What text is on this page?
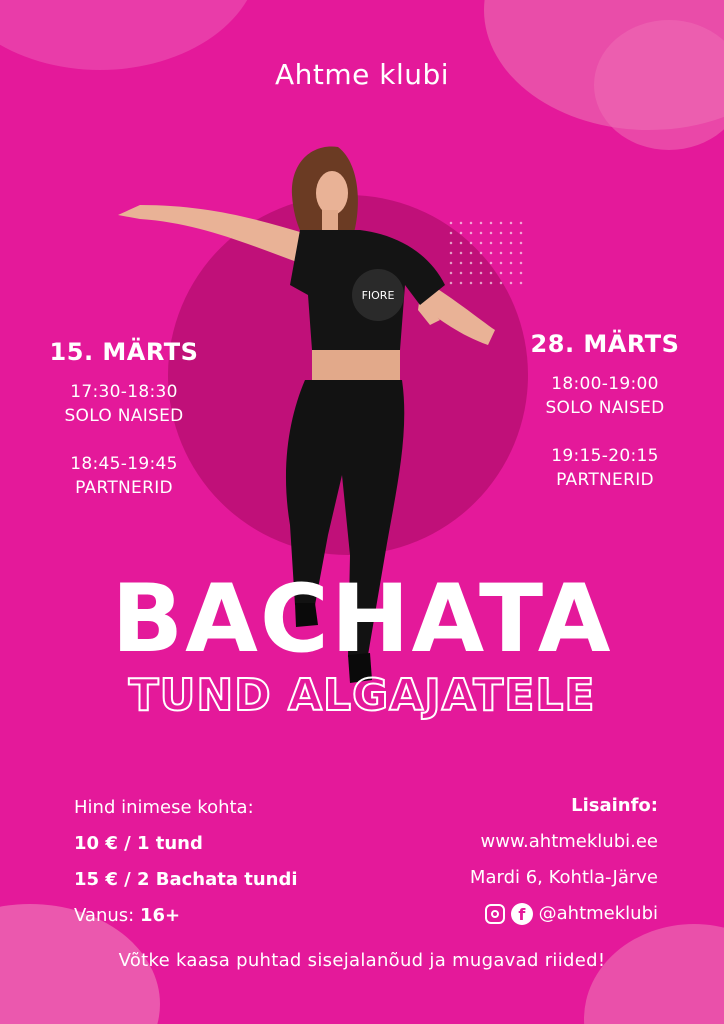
Ahtme klubi
FIORE
15. MÄRTS
17:30-18:30
SOLO NAISED
18:45-19:45
PARTNERID
28. MÄRTS
18:00-19:00
SOLO NAISED
19:15-20:15
PARTNERID
BACHATA
TUND ALGAJATELE
Hind inimese kohta:
10 € / 1 tund
15 € / 2 Bachata tundi
Vanus: 16+
Lisainfo:
www.ahtmeklubi.ee
Mardi 6, Kohtla-Järve
f @ahtmeklubi
Võtke kaasa puhtad sisejalanõud ja mugavad riided!
